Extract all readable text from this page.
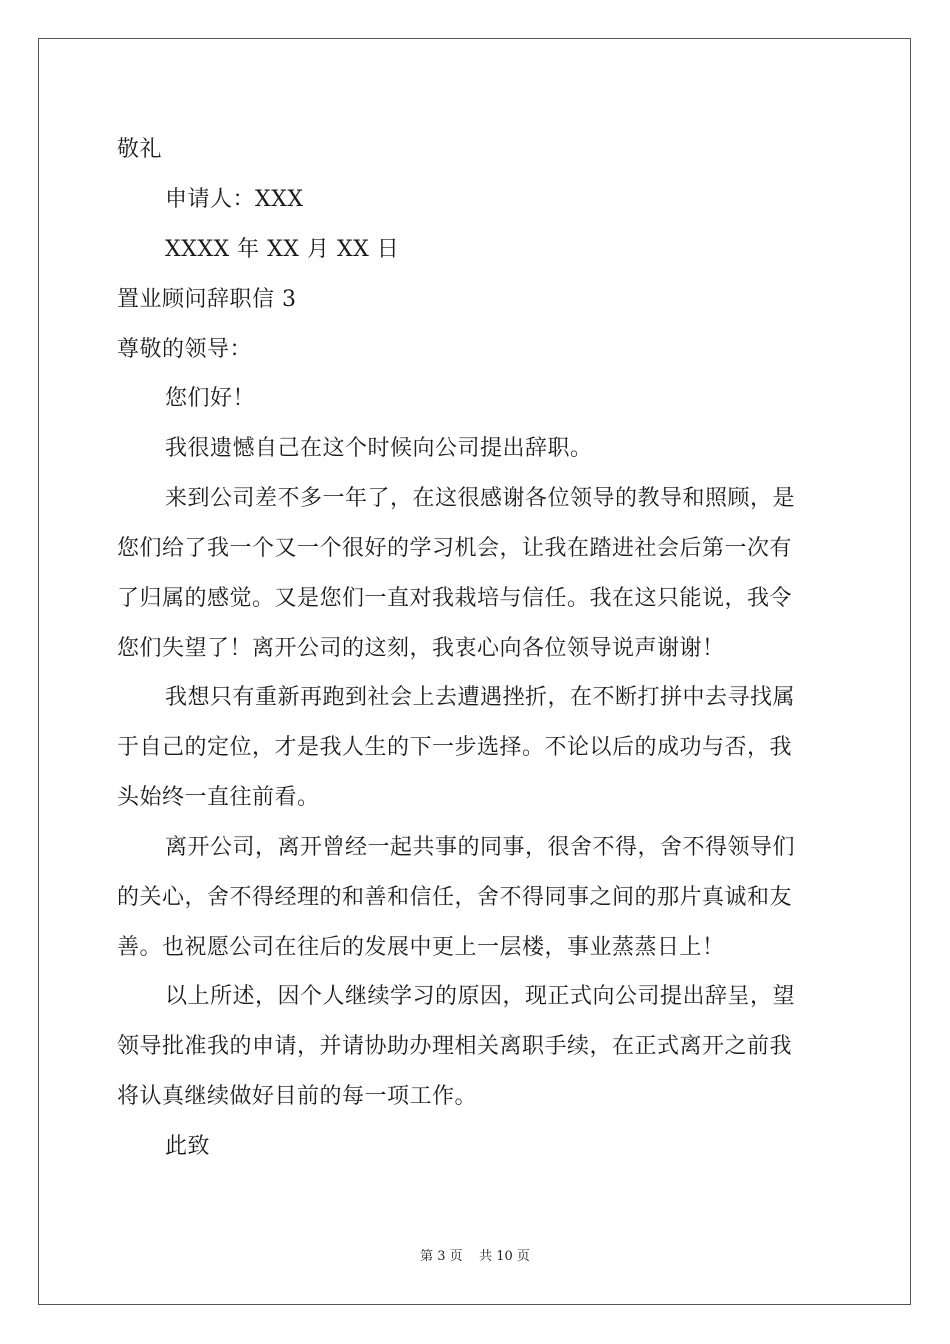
敬礼
申请人：XXX
XXXX 年 XX 月 XX 日
置业顾问辞职信 3
尊敬的领导：
您们好！
我很遗憾自己在这个时候向公司提出辞职。
来到公司差不多一年了，在这很感谢各位领导的教导和照顾，是
您们给了我一个又一个很好的学习机会，让我在踏进社会后第一次有
了归属的感觉。又是您们一直对我栽培与信任。我在这只能说，我令
您们失望了！离开公司的这刻，我衷心向各位领导说声谢谢！
我想只有重新再跑到社会上去遭遇挫折，在不断打拼中去寻找属
于自己的定位，才是我人生的下一步选择。不论以后的成功与否，我
头始终一直往前看。
离开公司，离开曾经一起共事的同事，很舍不得，舍不得领导们
的关心，舍不得经理的和善和信任，舍不得同事之间的那片真诚和友
善。也祝愿公司在往后的发展中更上一层楼，事业蒸蒸日上！
以上所述，因个人继续学习的原因，现正式向公司提出辞呈，望
领导批准我的申请，并请协助办理相关离职手续，在正式离开之前我
将认真继续做好目前的每一项工作。
此致
第 3 页    共 10 页
